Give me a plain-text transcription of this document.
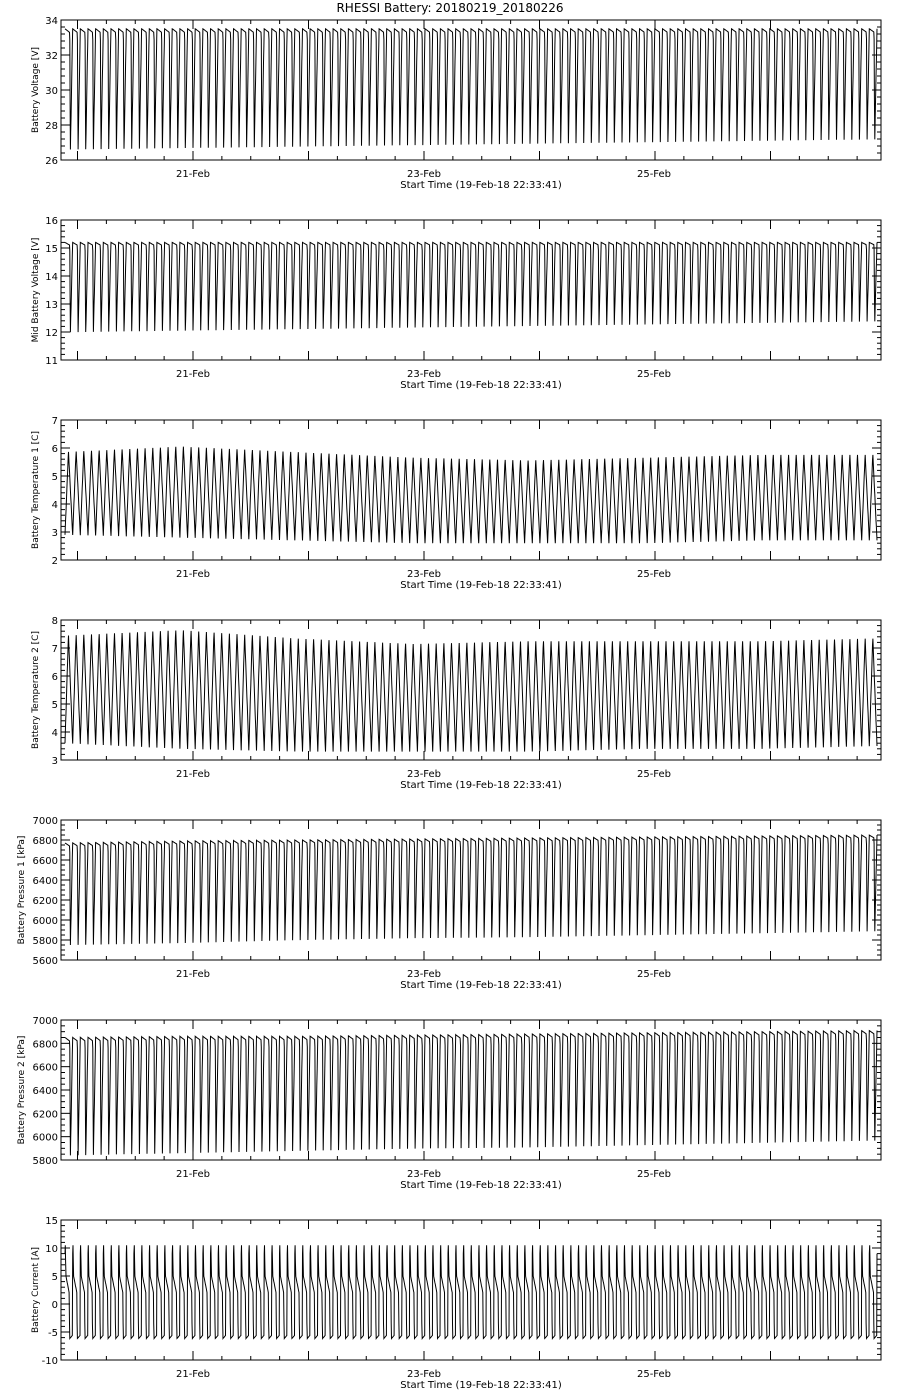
RHESSI Battery: 20180219_20180226
26
28
30
32
34
Battery Voltage [V]
21-Feb	23-Feb	25-Feb
Start Time (19-Feb-18 22:33:41)
11
12
13
14
15
16
Mid Battery Voltage [V]
21-Feb	23-Feb	25-Feb
Start Time (19-Feb-18 22:33:41)
2
3
4
5
6
7
Battery Temperature 1 [C]
21-Feb	23-Feb	25-Feb
Start Time (19-Feb-18 22:33:41)
3
4
5
6
7
8
Battery Temperature 2 [C]
21-Feb	23-Feb	25-Feb
Start Time (19-Feb-18 22:33:41)
5600
5800
6000
6200
6400
6600
6800
7000
Battery Pressure 1 [kPa]
21-Feb	23-Feb	25-Feb
Start Time (19-Feb-18 22:33:41)
5800
6000
6200
6400
6600
6800
7000
Battery Pressure 2 [kPa]
21-Feb	23-Feb	25-Feb
Start Time (19-Feb-18 22:33:41)
-10
-5
0
5
10
15
Battery Current [A]
21-Feb	23-Feb	25-Feb
Start Time (19-Feb-18 22:33:41)
